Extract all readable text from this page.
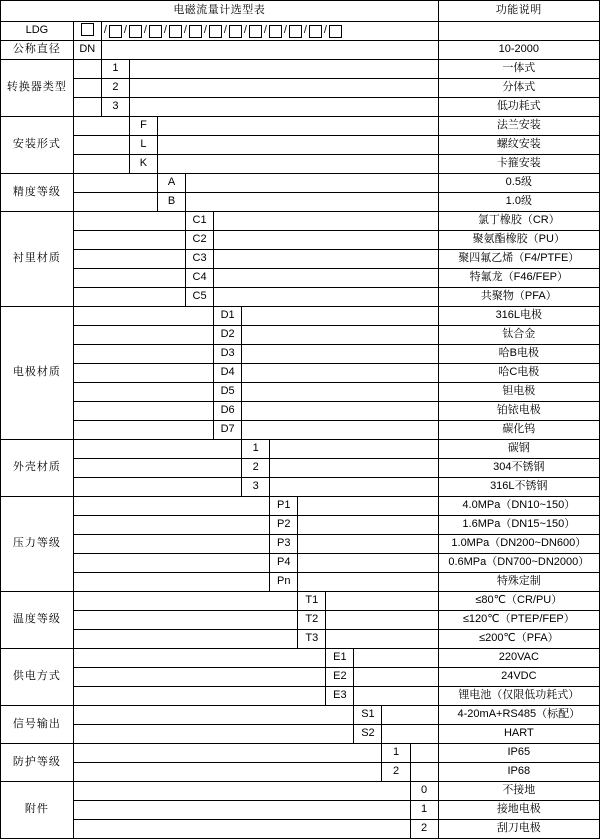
电磁流量计选型表														功能说明
LDG		/ / / / / / / / / / / /

公称直径	DN													10-2000
转换器类型		1												一体式
		2												分体式
		3												低功耗式
安装形式			F											法兰安装
			L											螺纹安装
			K											卡箍安装
精度等级				A										0.5级
				B										1.0级
衬里材质					C1									氯丁橡胶（CR）
					C2									聚氨酯橡胶（PU）
					C3									聚四氟乙烯（F4/PTFE）
					C4									特氟龙（F46/FEP）
					C5									共聚物（PFA）
电极材质						D1								316L电极
						D2								钛合金
						D3								哈B电极
						D4								哈C电极
						D5								钽电极
						D6								铂铱电极
						D7								碳化钨
外壳材质							1							碳钢
							2							304不锈钢
							3							316L不锈钢
压力等级								P1						4.0MPa（DN10~150）
								P2						1.6MPa（DN15~150）
								P3						1.0MPa（DN200~DN600）
								P4						0.6MPa（DN700~DN2000）
								Pn						特殊定制
温度等级									T1					≤80℃（CR/PU）
									T2					≤120℃（PTEP/FEP）
									T3					≤200℃（PFA）
供电方式										E1				220VAC
										E2				24VDC
										E3				锂电池（仅限低功耗式）
信号输出											S1			4-20mA+RS485（标配）
											S2			HART
防护等级												1		IP65
												2		IP68
附件													0	不接地
													1	接地电极
													2	刮刀电极
